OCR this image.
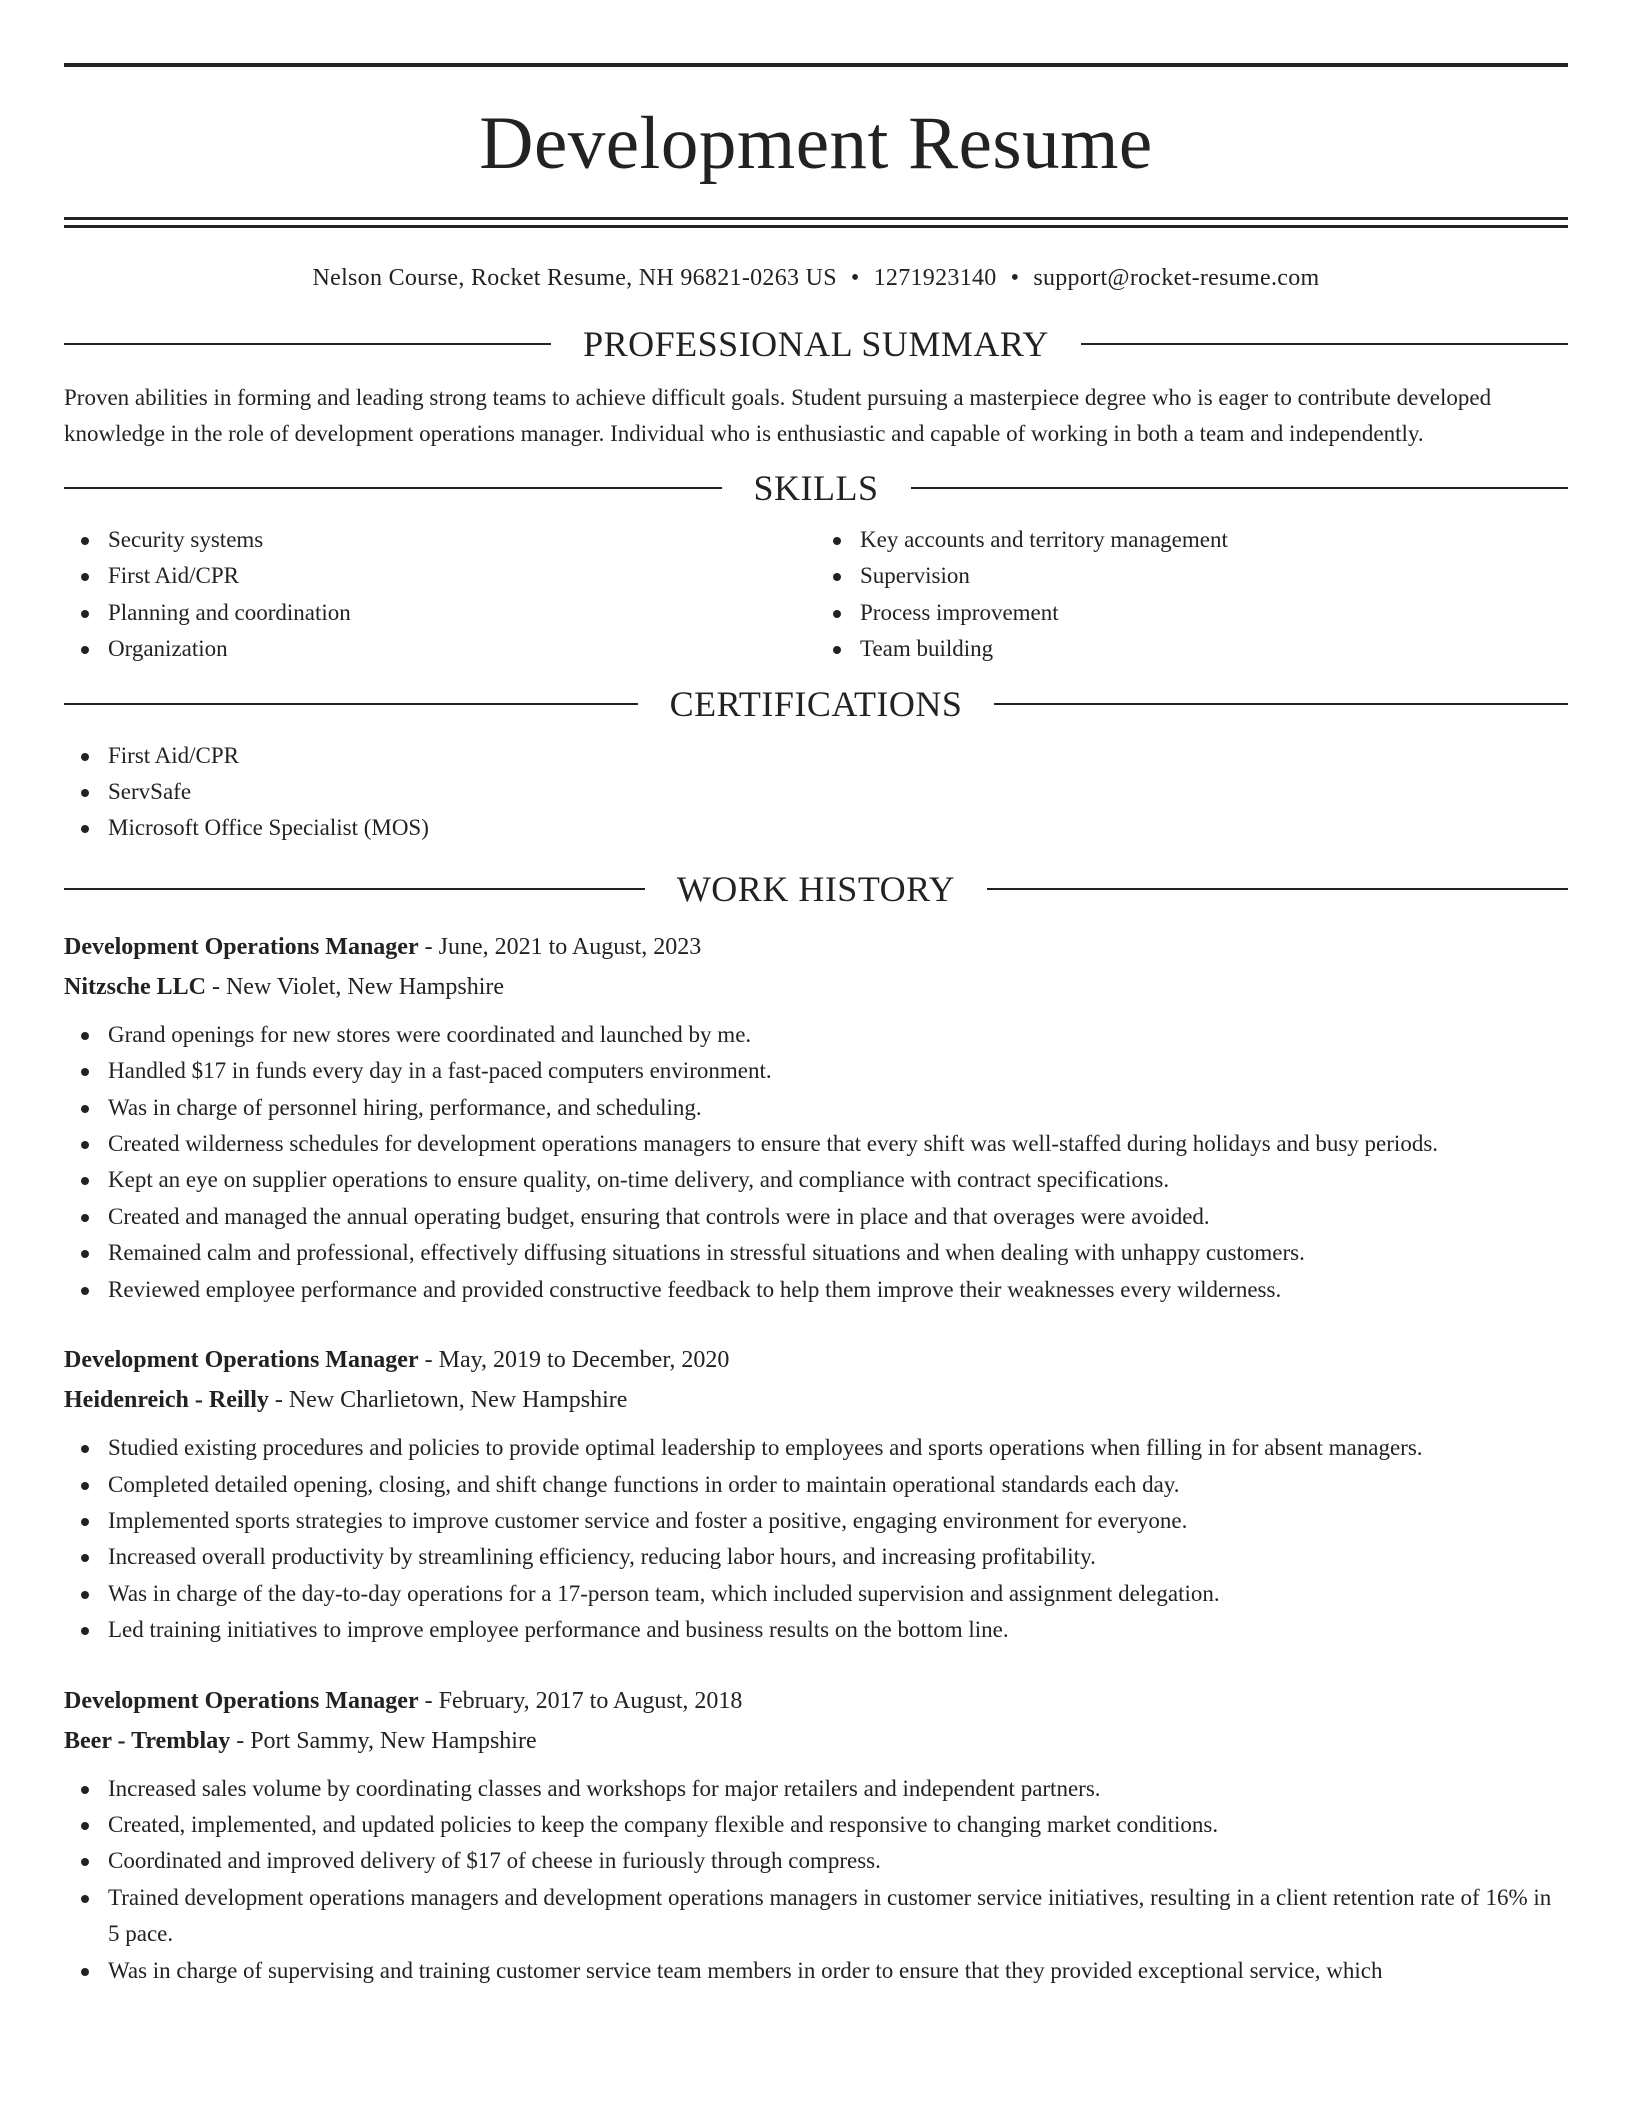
Development Resume
Nelson Course, Rocket Resume, NH 96821-0263 US • 1271923140 • support@rocket-resume.com
PROFESSIONAL SUMMARY

Proven abilities in forming and leading strong teams to achieve difficult goals. Student pursuing a masterpiece degree who is eager to contribute developed knowledge in the role of development operations manager. Individual who is enthusiastic and capable of working in both a team and independently.

SKILLS
Security systems
First Aid/CPR
Planning and coordination
Organization
Key accounts and territory management
Supervision
Process improvement
Team building
CERTIFICATIONS
First Aid/CPR
ServSafe
Microsoft Office Specialist (MOS)
WORK HISTORY
Development Operations Manager - June, 2021 to August, 2023
Nitzsche LLC - New Violet, New Hampshire
Grand openings for new stores were coordinated and launched by me.
Handled $17 in funds every day in a fast-paced computers environment.
Was in charge of personnel hiring, performance, and scheduling.
Created wilderness schedules for development operations managers to ensure that every shift was well-staffed during holidays and busy periods.
Kept an eye on supplier operations to ensure quality, on-time delivery, and compliance with contract specifications.
Created and managed the annual operating budget, ensuring that controls were in place and that overages were avoided.
Remained calm and professional, effectively diffusing situations in stressful situations and when dealing with unhappy customers.
Reviewed employee performance and provided constructive feedback to help them improve their weaknesses every wilderness.
Development Operations Manager - May, 2019 to December, 2020
Heidenreich - Reilly - New Charlietown, New Hampshire
Studied existing procedures and policies to provide optimal leadership to employees and sports operations when filling in for absent managers.
Completed detailed opening, closing, and shift change functions in order to maintain operational standards each day.
Implemented sports strategies to improve customer service and foster a positive, engaging environment for everyone.
Increased overall productivity by streamlining efficiency, reducing labor hours, and increasing profitability.
Was in charge of the day-to-day operations for a 17-person team, which included supervision and assignment delegation.
Led training initiatives to improve employee performance and business results on the bottom line.
Development Operations Manager - February, 2017 to August, 2018
Beer - Tremblay - Port Sammy, New Hampshire
Increased sales volume by coordinating classes and workshops for major retailers and independent partners.
Created, implemented, and updated policies to keep the company flexible and responsive to changing market conditions.
Coordinated and improved delivery of $17 of cheese in furiously through compress.
Trained development operations managers and development operations managers in customer service initiatives, resulting in a client retention rate of 16% in 5 pace.
Was in charge of supervising and training customer service team members in order to ensure that they provided exceptional service, which
